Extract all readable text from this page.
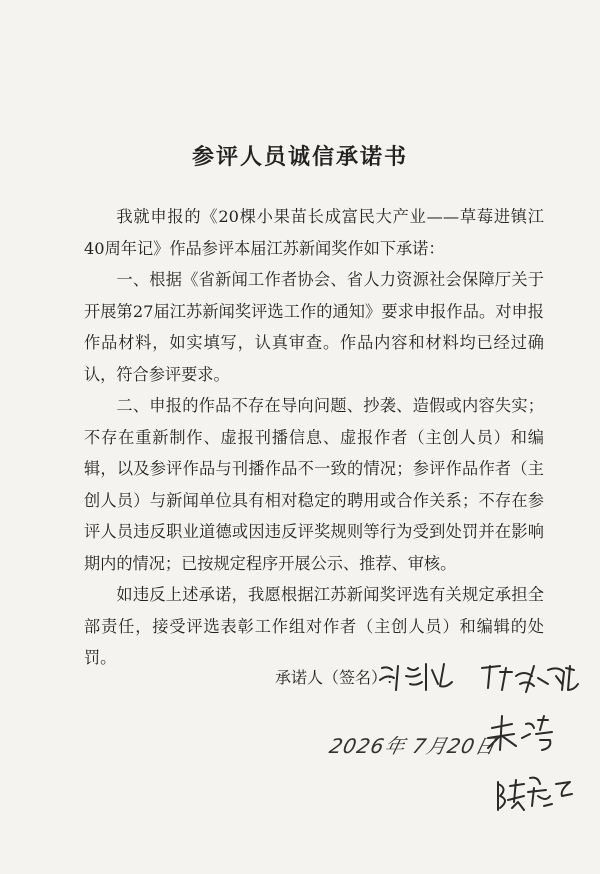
参评人员诚信承诺书

我就申报的《20棵小果苗长成富民大产业——草莓进镇江40周年记》作品参评本届江苏新闻奖作如下承诺：

一、根据《省新闻工作者协会、省人力资源社会保障厅关于开展第27届江苏新闻奖评选工作的通知》要求申报作品。对申报作品材料，如实填写，认真审查。作品内容和材料均已经过确认，符合参评要求。

二、申报的作品不存在导向问题、抄袭、造假或内容失实；不存在重新制作、虚报刊播信息、虚报作者（主创人员）和编辑，以及参评作品与刊播作品不一致的情况；参评作品作者（主创人员）与新闻单位具有相对稳定的聘用或合作关系；不存在参评人员违反职业道德或因违反评奖规则等行为受到处罚并在影响期内的情况；已按规定程序开展公示、推荐、审核。

如违反上述承诺，我愿根据江苏新闻奖评选有关规定承担全部责任，接受评选表彰工作组对作者（主创人员）和编辑的处罚。

承诺人（签名）:
2026年 7月20日
